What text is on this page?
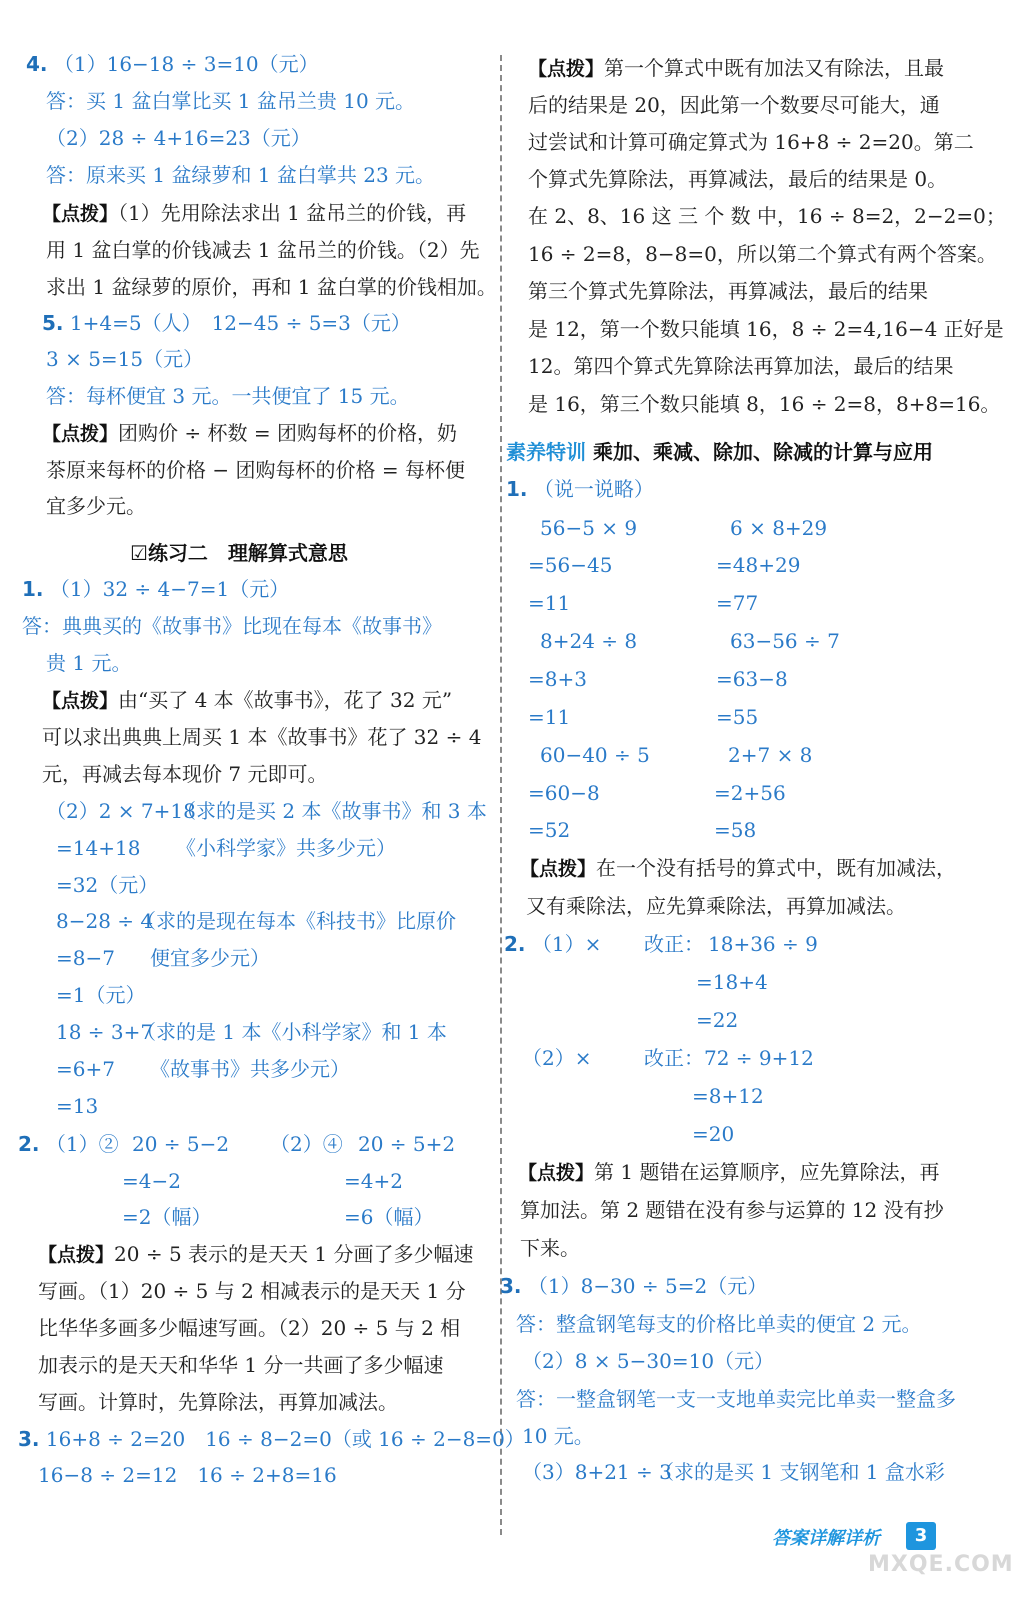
4. （1）16−18 ÷ 3=10（元）
答：买 1 盆白掌比买 1 盆吊兰贵 10 元。
（2）28 ÷ 4+16=23（元）
答：原来买 1 盆绿萝和 1 盆白掌共 23 元。
【点拨】（1）先用除法求出 1 盆吊兰的价钱，再
用 1 盆白掌的价钱减去 1 盆吊兰的价钱。（2）先
求出 1 盆绿萝的原价，再和 1 盆白掌的价钱相加。
5. 1+4=5（人）　12−45 ÷ 5=3（元）
3 × 5=15（元）
答：每杯便宜 3 元。一共便宜了 15 元。
【点拨】团购价 ÷ 杯数 = 团购每杯的价格，奶
茶原来每杯的价格 − 团购每杯的价格 = 每杯便
宜多少元。
☑练习二　理解算式意思
1. （1）32 ÷ 4−7=1（元）
答：典典买的《故事书》比现在每本《故事书》
贵 1 元。
【点拨】由“买了 4 本《故事书》，花了 32 元”
可以求出典典上周买 1 本《故事书》花了 32 ÷ 4
元，再减去每本现价 7 元即可。
（2）2 × 7+18
（求的是买 2 本《故事书》和 3 本
=14+18 《小科学家》共多少元）
=32（元）
8−28 ÷ 4
（求的是现在每本《科技书》比原价
=8−7 便宜多少元）
=1（元）
18 ÷ 3+7
（求的是 1 本《小科学家》和 1 本
=6+7 《故事书》共多少元）
=13
2. （1）② 20 ÷ 5−2
=4−2
=2（幅）
（2）④ 20 ÷ 5+2
=4+2
=6（幅）
【点拨】20 ÷ 5 表示的是天天 1 分画了多少幅速
写画。（1）20 ÷ 5 与 2 相减表示的是天天 1 分
比华华多画多少幅速写画。（2）20 ÷ 5 与 2 相
加表示的是天天和华华 1 分一共画了多少幅速
写画。计算时，先算除法，再算加减法。
3. 16+8 ÷ 2=20　16 ÷ 8−2=0（或 16 ÷ 2−8=0）
16−8 ÷ 2=12　16 ÷ 2+8=16
【点拨】第一个算式中既有加法又有除法，且最
后的结果是 20，因此第一个数要尽可能大，通
过尝试和计算可确定算式为 16+8 ÷ 2=20。第二
个算式先算除法，再算减法，最后的结果是 0。
在 2、8、16 这 三 个 数 中，16 ÷ 8=2，2−2=0；
16 ÷ 2=8，8−8=0，所以第二个算式有两个答案。
第三个算式先算除法，再算减法，最后的结果
是 12，第一个数只能填 16，8 ÷ 2=4,16−4 正好是
12。第四个算式先算除法再算加法，最后的结果
是 16，第三个数只能填 8，16 ÷ 2=8，8+8=16。
素养特训 乘加、乘减、除加、除减的计算与应用
1. （说一说略）
56−5 × 9
=56−45
=11
6 × 8+29
=48+29
=77
8+24 ÷ 8
=8+3
=11
63−56 ÷ 7
=63−8
=55
60−40 ÷ 5
=60−8
=52
2+7 × 8
=2+56
=58
【点拨】在一个没有括号的算式中，既有加减法，
又有乘除法，应先算乘除法，再算加减法。
2. （1）× 改正： 18+36 ÷ 9
=18+4
=22
（2）×	改正： 72 ÷ 9+12
=8+12
=20
【点拨】第 1 题错在运算顺序，应先算除法，再
算加法。第 2 题错在没有参与运算的 12 没有抄
下来。
3. （1）8−30 ÷ 5=2（元）
答：整盒钢笔每支的价格比单卖的便宜 2 元。
（2）8 × 5−30=10（元）
答：一整盒钢笔一支一支地单卖完比单卖一整盒多
10 元。
（3）8+21 ÷ 3
（求的是买 1 支钢笔和 1 盒水彩
答案详解详析	3
MXQE.COM
